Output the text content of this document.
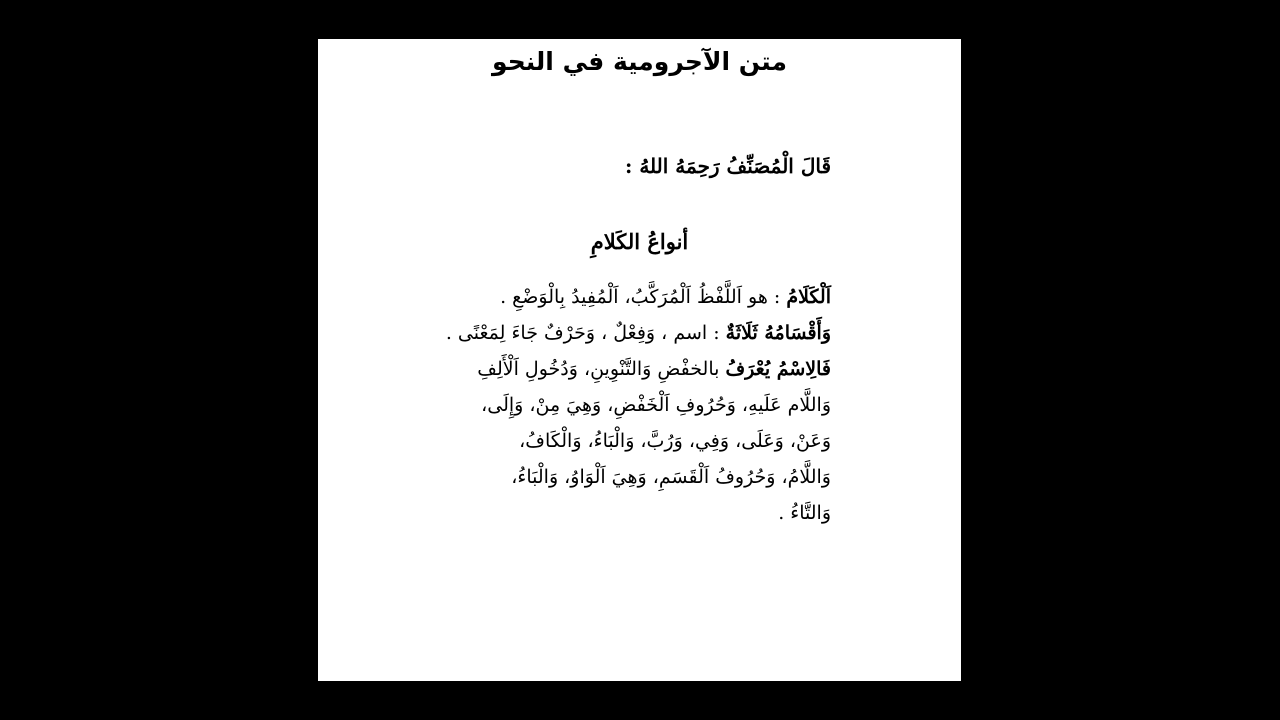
متن الآجرومية في النحو
قَالَ الْمُصَنِّفُ رَحِمَهُ اللهُ :
أنواعُ الكَلامِ
اَلْكَلَامُ : هو اَللَّفْظُ اَلْمُرَكَّبُ، اَلْمُفِيدُ بِالْوَضْعِ .
وَأَقْسَامُهُ ثَلَاثَةٌ : اسم ، وَفِعْلٌ ، وَحَرْفٌ جَاءَ لِمَعْنًى .
فَالِاسْمُ يُعْرَفُ بالخفْضِ وَالتَّنْوِينِ، وَدُخُولِ اَلْأَلِفِ
وَاللَّام عَلَيهِ، وَحُرُوفِ اَلْخَفْضِ، وَهِيَ مِنْ، وَإِلَى،
وَعَنْ، وَعَلَى، وَفِي، وَرُبَّ، وَالْبَاءُ، وَالْكَافُ،
وَاللَّامُ، وَحُرُوفُ اَلْقَسَمِ، وَهِيَ اَلْوَاوُ، وَالْبَاءُ،
وَالتَّاءُ .
